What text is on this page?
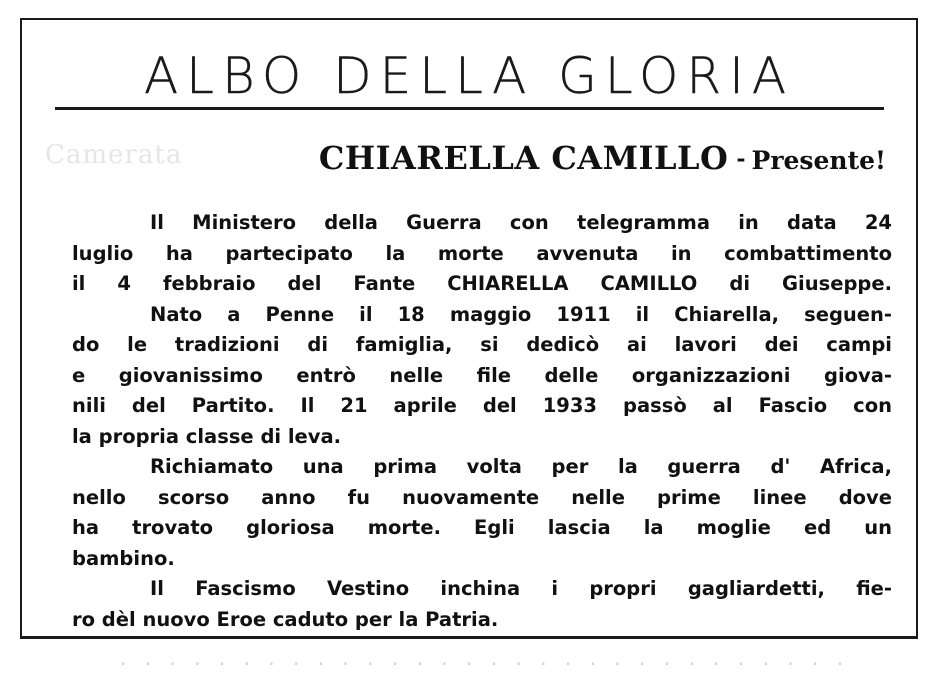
Camerata
· · · · · · · · · · · · · · · · · · · · · · · · · · · · · ·
ALBO DELLA GLORIA
CHIARELLA CAMILLO - Presente!
Il Ministero della Guerra con telegramma in data 24
luglio ha partecipato la morte avvenuta in combattimento
il 4 febbraio del Fante CHIARELLA CAMILLO di Giuseppe.
Nato a Penne il 18 maggio 1911 il Chiarella, seguen-
do le tradizioni di famiglia, si dedicò ai lavori dei campi
e giovanissimo entrò nelle file delle organizzazioni giova-
nili del Partito. Il 21 aprile del 1933 passò al Fascio con
la propria classe di leva.
Richiamato una prima volta per la guerra d' Africa,
nello scorso anno fu nuovamente nelle prime linee dove
ha trovato gloriosa morte. Egli lascia la moglie ed un
bambino.
Il Fascismo Vestino inchina i propri gagliardetti, fie-
ro dèl nuovo Eroe caduto per la Patria.
